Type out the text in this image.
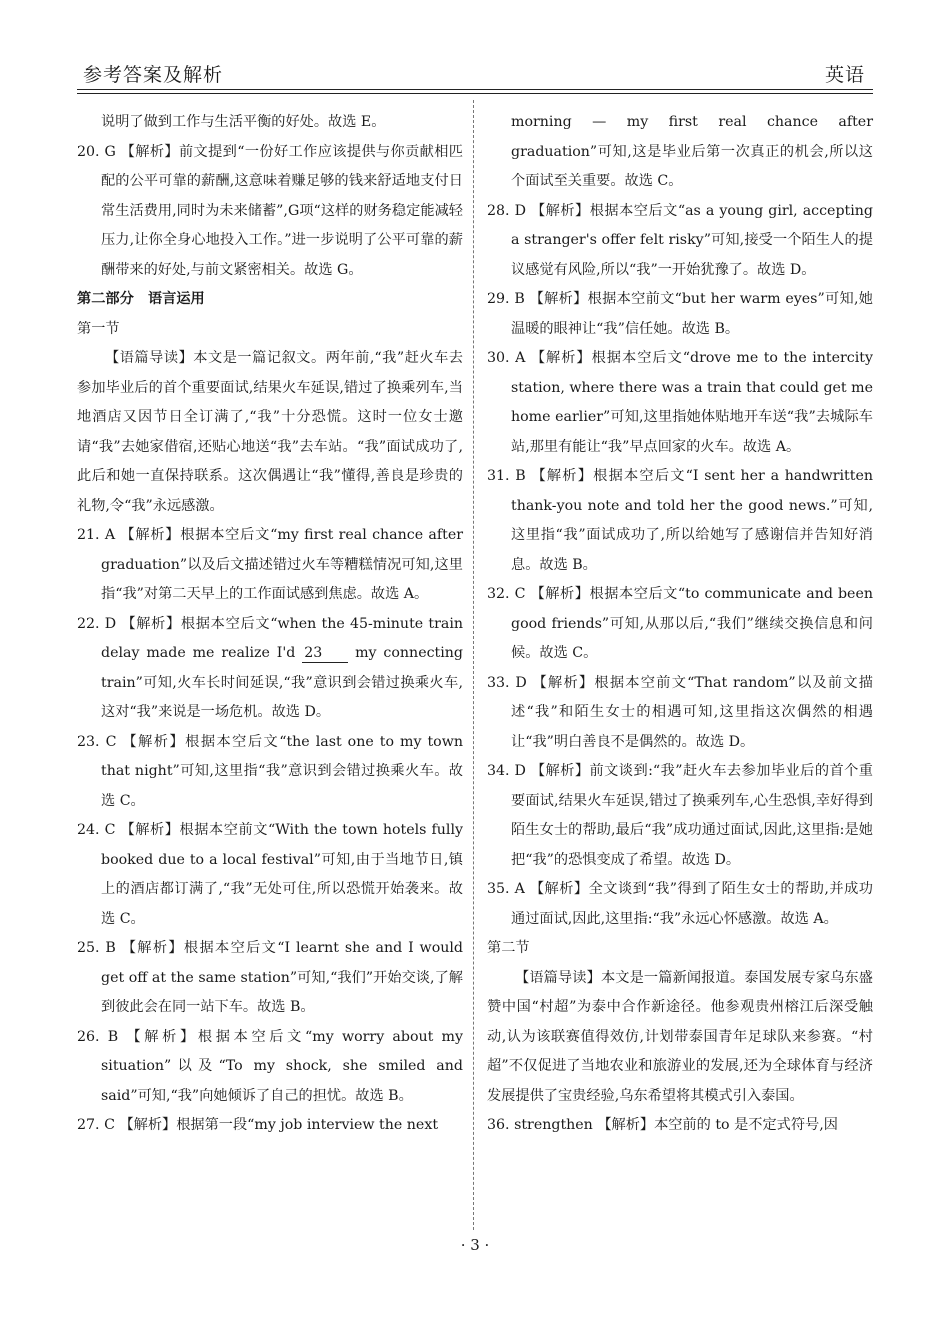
参考答案及解析	英语

说明了做到工作与生活平衡的好处。故选 E。

20. G 【解析】前文提到“一份好工作应该提供与你贡献相匹配的公平可靠的薪酬,这意味着赚足够的钱来舒适地支付日常生活费用,同时为未来储蓄”,G项“这样的财务稳定能减轻压力,让你全身心地投入工作。”进一步说明了公平可靠的薪酬带来的好处,与前文紧密相关。故选 G。

第二部分　语言运用

第一节

【语篇导读】本文是一篇记叙文。两年前,“我”赶火车去参加毕业后的首个重要面试,结果火车延误,错过了换乘列车,当地酒店又因节日全订满了,“我”十分恐慌。这时一位女士邀请“我”去她家借宿,还贴心地送“我”去车站。“我”面试成功了,此后和她一直保持联系。这次偶遇让“我”懂得,善良是珍贵的礼物,令“我”永远感激。

21. A 【解析】根据本空后文“my first real chance after graduation”以及后文描述错过火车等糟糕情况可知,这里指“我”对第二天早上的工作面试感到焦虑。故选 A。

22. D 【解析】根据本空后文“when the 45-minute train delay made me realize I'd 23 my connecting train”可知,火车长时间延误,“我”意识到会错过换乘火车,这对“我”来说是一场危机。故选 D。

23. C 【解析】根据本空后文“the last one to my town that night”可知,这里指“我”意识到会错过换乘火车。故选 C。

24. C 【解析】根据本空前文“With the town hotels fully booked due to a local festival”可知,由于当地节日,镇上的酒店都订满了,“我”无处可住,所以恐慌开始袭来。故选 C。

25. B 【解析】根据本空后文“I learnt she and I would get off at the same station”可知,“我们”开始交谈,了解到彼此会在同一站下车。故选 B。

26. B 【解析】根据本空后文“my worry about my situation”以及“To my shock, she smiled and said”可知,“我”向她倾诉了自己的担忧。故选 B。

27. C 【解析】根据第一段“my job interview the next

morning — my first real chance after graduation”可知,这是毕业后第一次真正的机会,所以这个面试至关重要。故选 C。

28. D 【解析】根据本空后文“as a young girl, accepting a stranger's offer felt risky”可知,接受一个陌生人的提议感觉有风险,所以“我”一开始犹豫了。故选 D。

29. B 【解析】根据本空前文“but her warm eyes”可知,她温暖的眼神让“我”信任她。故选 B。

30. A 【解析】根据本空后文“drove me to the intercity station, where there was a train that could get me home earlier”可知,这里指她体贴地开车送“我”去城际车站,那里有能让“我”早点回家的火车。故选 A。

31. B 【解析】根据本空后文“I sent her a handwritten thank-you note and told her the good news.”可知,这里指“我”面试成功了,所以给她写了感谢信并告知好消息。故选 B。

32. C 【解析】根据本空后文“to communicate and been good friends”可知,从那以后,“我们”继续交换信息和问候。故选 C。

33. D 【解析】根据本空前文“That random”以及前文描述“我”和陌生女士的相遇可知,这里指这次偶然的相遇让“我”明白善良不是偶然的。故选 D。

34. D 【解析】前文谈到:“我”赶火车去参加毕业后的首个重要面试,结果火车延误,错过了换乘列车,心生恐惧,幸好得到陌生女士的帮助,最后“我”成功通过面试,因此,这里指:是她把“我”的恐惧变成了希望。故选 D。

35. A 【解析】全文谈到“我”得到了陌生女士的帮助,并成功通过面试,因此,这里指:“我”永远心怀感激。故选 A。

第二节

【语篇导读】本文是一篇新闻报道。泰国发展专家乌东盛赞中国“村超”为泰中合作新途径。他参观贵州榕江后深受触动,认为该联赛值得效仿,计划带泰国青年足球队来参赛。“村超”不仅促进了当地农业和旅游业的发展,还为全球体育与经济发展提供了宝贵经验,乌东希望将其模式引入泰国。

36. strengthen 【解析】本空前的 to 是不定式符号,因

· 3 ·
